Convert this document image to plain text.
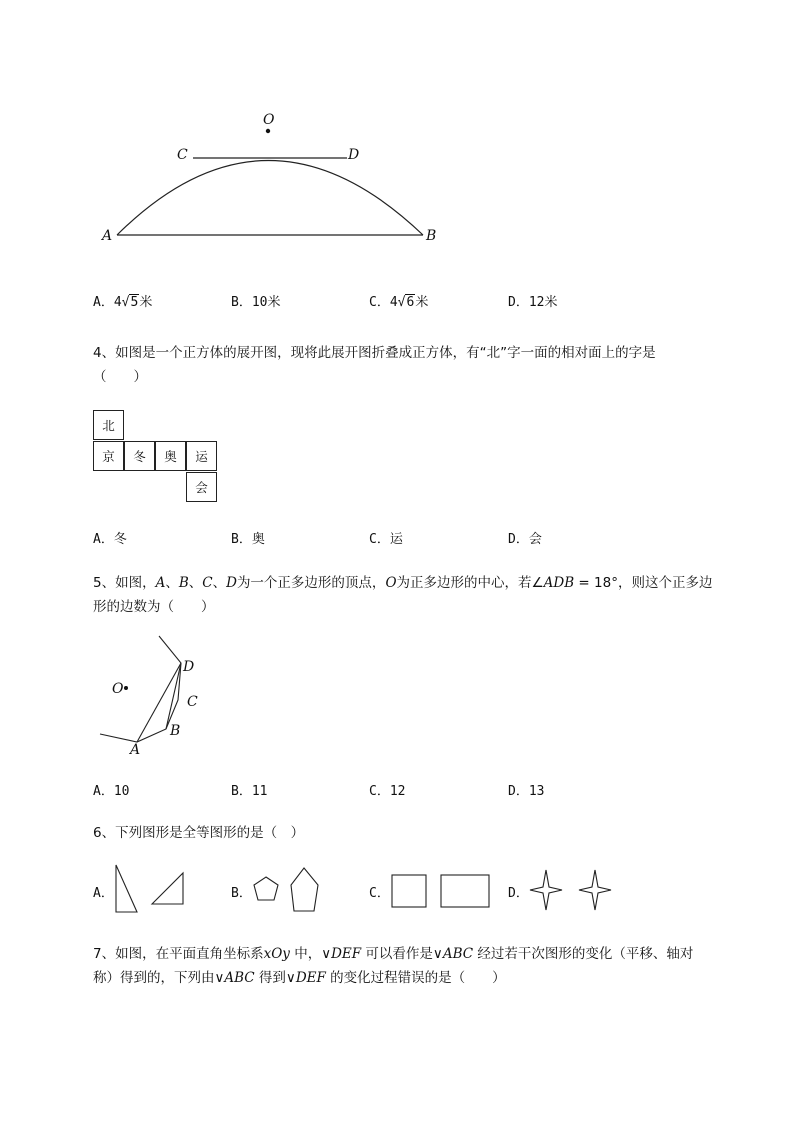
O
C	D
A	B
A．4√5米	B．10米	C．4√6米	D．12米
4、如图是一个正方体的展开图，现将此展开图折叠成正方体，有“北”字一面的相对面上的字是
（　　）
北
京	冬	奥	运
会
A．冬	B．奥	C．运	D．会
5、如图，A、B、C、D为一个正多边形的顶点，O为正多边形的中心，若∠ADB = 18°，则这个正多边
形的边数为（　　）
O
D
C
B
A
A．10	B．11	C．12	D．13
6、下列图形是全等图形的是（　）
A．	B．	C．	D．
7、如图，在平面直角坐标系xOy 中，∨DEF 可以看作是∨ABC 经过若干次图形的变化（平移、轴对
称）得到的，下列由∨ABC 得到∨DEF 的变化过程错误的是（　　）
